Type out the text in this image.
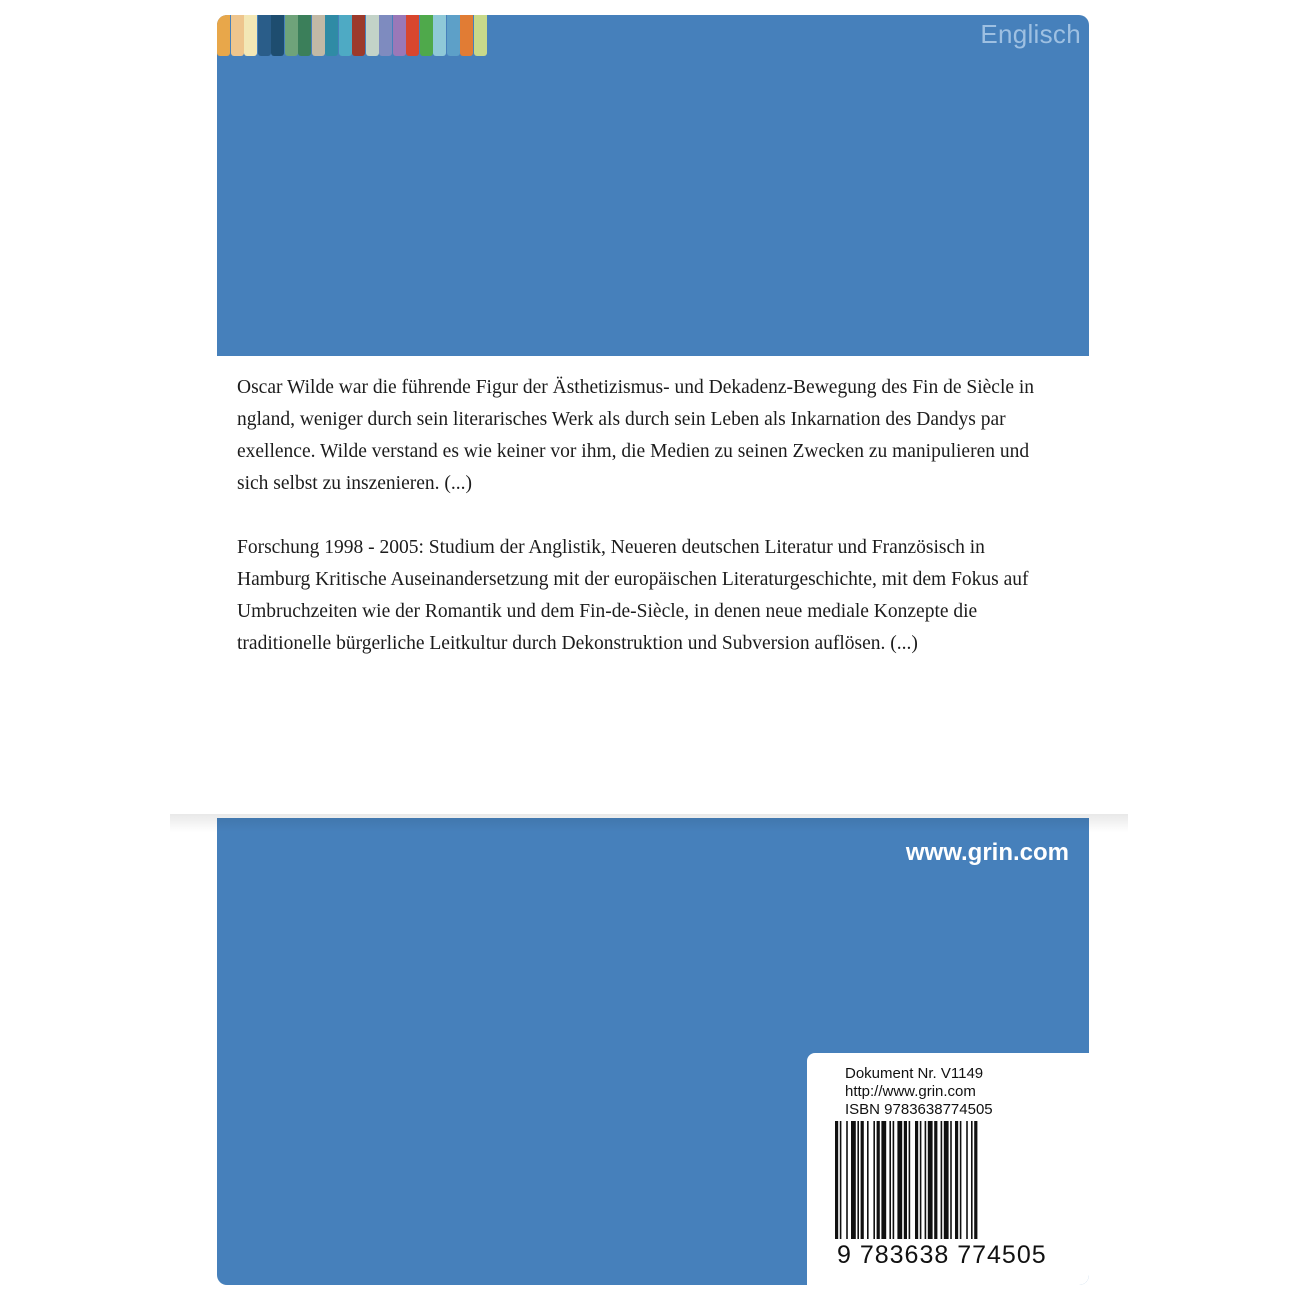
Englisch

Oscar Wilde war die führende Figur der Ästhetizismus- und Dekadenz-Bewegung des Fin de Siècle in ngland, weniger durch sein literarisches Werk als durch sein Leben als Inkarnation des Dandys par exellence. Wilde verstand es wie keiner vor ihm, die Medien zu seinen Zwecken zu manipulieren und sich selbst zu inszenieren. (...)

Forschung 1998 - 2005: Studium der Anglistik, Neueren deutschen Literatur und Französisch in Hamburg Kritische Auseinandersetzung mit der europäischen Literaturgeschichte, mit dem Fokus auf Umbruchzeiten wie der Romantik und dem Fin-de-Siècle, in denen neue mediale Konzepte die traditionelle bürgerliche Leitkultur durch Dekonstruktion und Subversion auflösen. (...)

www.grin.com
Dokument Nr. V1149
http://www.grin.com
ISBN 9783638774505
9 783638 774505
